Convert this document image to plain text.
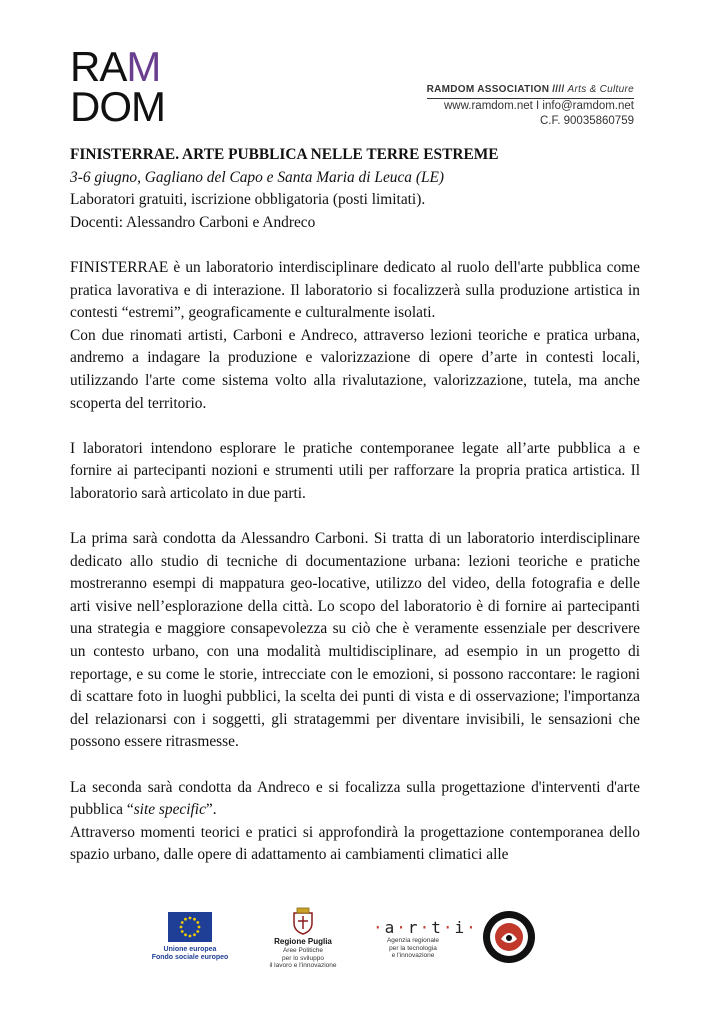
RAM
DOM	RAMDOM ASSOCIATION //// Arts & Culture
www.ramdom.net I info@ramdom.net
C.F. 90035860759

FINISTERRAE. ARTE PUBBLICA NELLE TERRE ESTREME

3-6 giugno, Gagliano del Capo e Santa Maria di Leuca (LE)

Laboratori gratuiti, iscrizione obbligatoria (posti limitati).

Docenti: Alessandro Carboni e Andreco

FINISTERRAE è un laboratorio interdisciplinare dedicato al ruolo dell'arte pubblica come pratica lavorativa e di interazione. Il laboratorio si focalizzerà sulla produzione artistica in contesti “estremi”, geograficamente e culturalmente isolati.

Con due rinomati artisti, Carboni e Andreco, attraverso lezioni teoriche e pratica urbana, andremo a indagare la produzione e valorizzazione di opere d’arte in contesti locali, utilizzando l'arte come sistema volto alla rivalutazione, valorizzazione, tutela, ma anche scoperta del territorio.

I laboratori intendono esplorare le pratiche contemporanee legate all’arte pubblica a e fornire ai partecipanti nozioni e strumenti utili per rafforzare la propria pratica artistica. Il laboratorio sarà articolato in due parti.

La prima sarà condotta da Alessandro Carboni. Si tratta di un laboratorio interdisciplinare dedicato allo studio di tecniche di documentazione urbana: lezioni teoriche e pratiche mostreranno esempi di mappatura geo-locative, utilizzo del video, della fotografia e delle arti visive nell’esplorazione della città. Lo scopo del laboratorio è di fornire ai partecipanti una strategia e maggiore consapevolezza su ciò che è veramente essenziale per descrivere un contesto urbano, con una modalità multidisciplinare, ad esempio in un progetto di reportage, e su come le storie, intrecciate con le emozioni, si possono raccontare: le ragioni di scattare foto in luoghi pubblici, la scelta dei punti di vista e di osservazione; l'importanza del relazionarsi con i soggetti, gli stratagemmi per diventare invisibili, le sensazioni che possono essere ritrasmesse.

La seconda sarà condotta da Andreco e si focalizza sulla progettazione d'interventi d'arte pubblica “site specific”.

Attraverso momenti teorici e pratici si approfondirà la progettazione contemporanea dello spazio urbano, dalle opere di adattamento ai cambiamenti climatici alle

Unione europea
Fondo sociale europeo
Regione Puglia
Aree Politiche
per lo sviluppo
il lavoro e l'innovazione
·a·r·t·i·
Agenzia regionale
per la tecnologia
e l'innovazione
